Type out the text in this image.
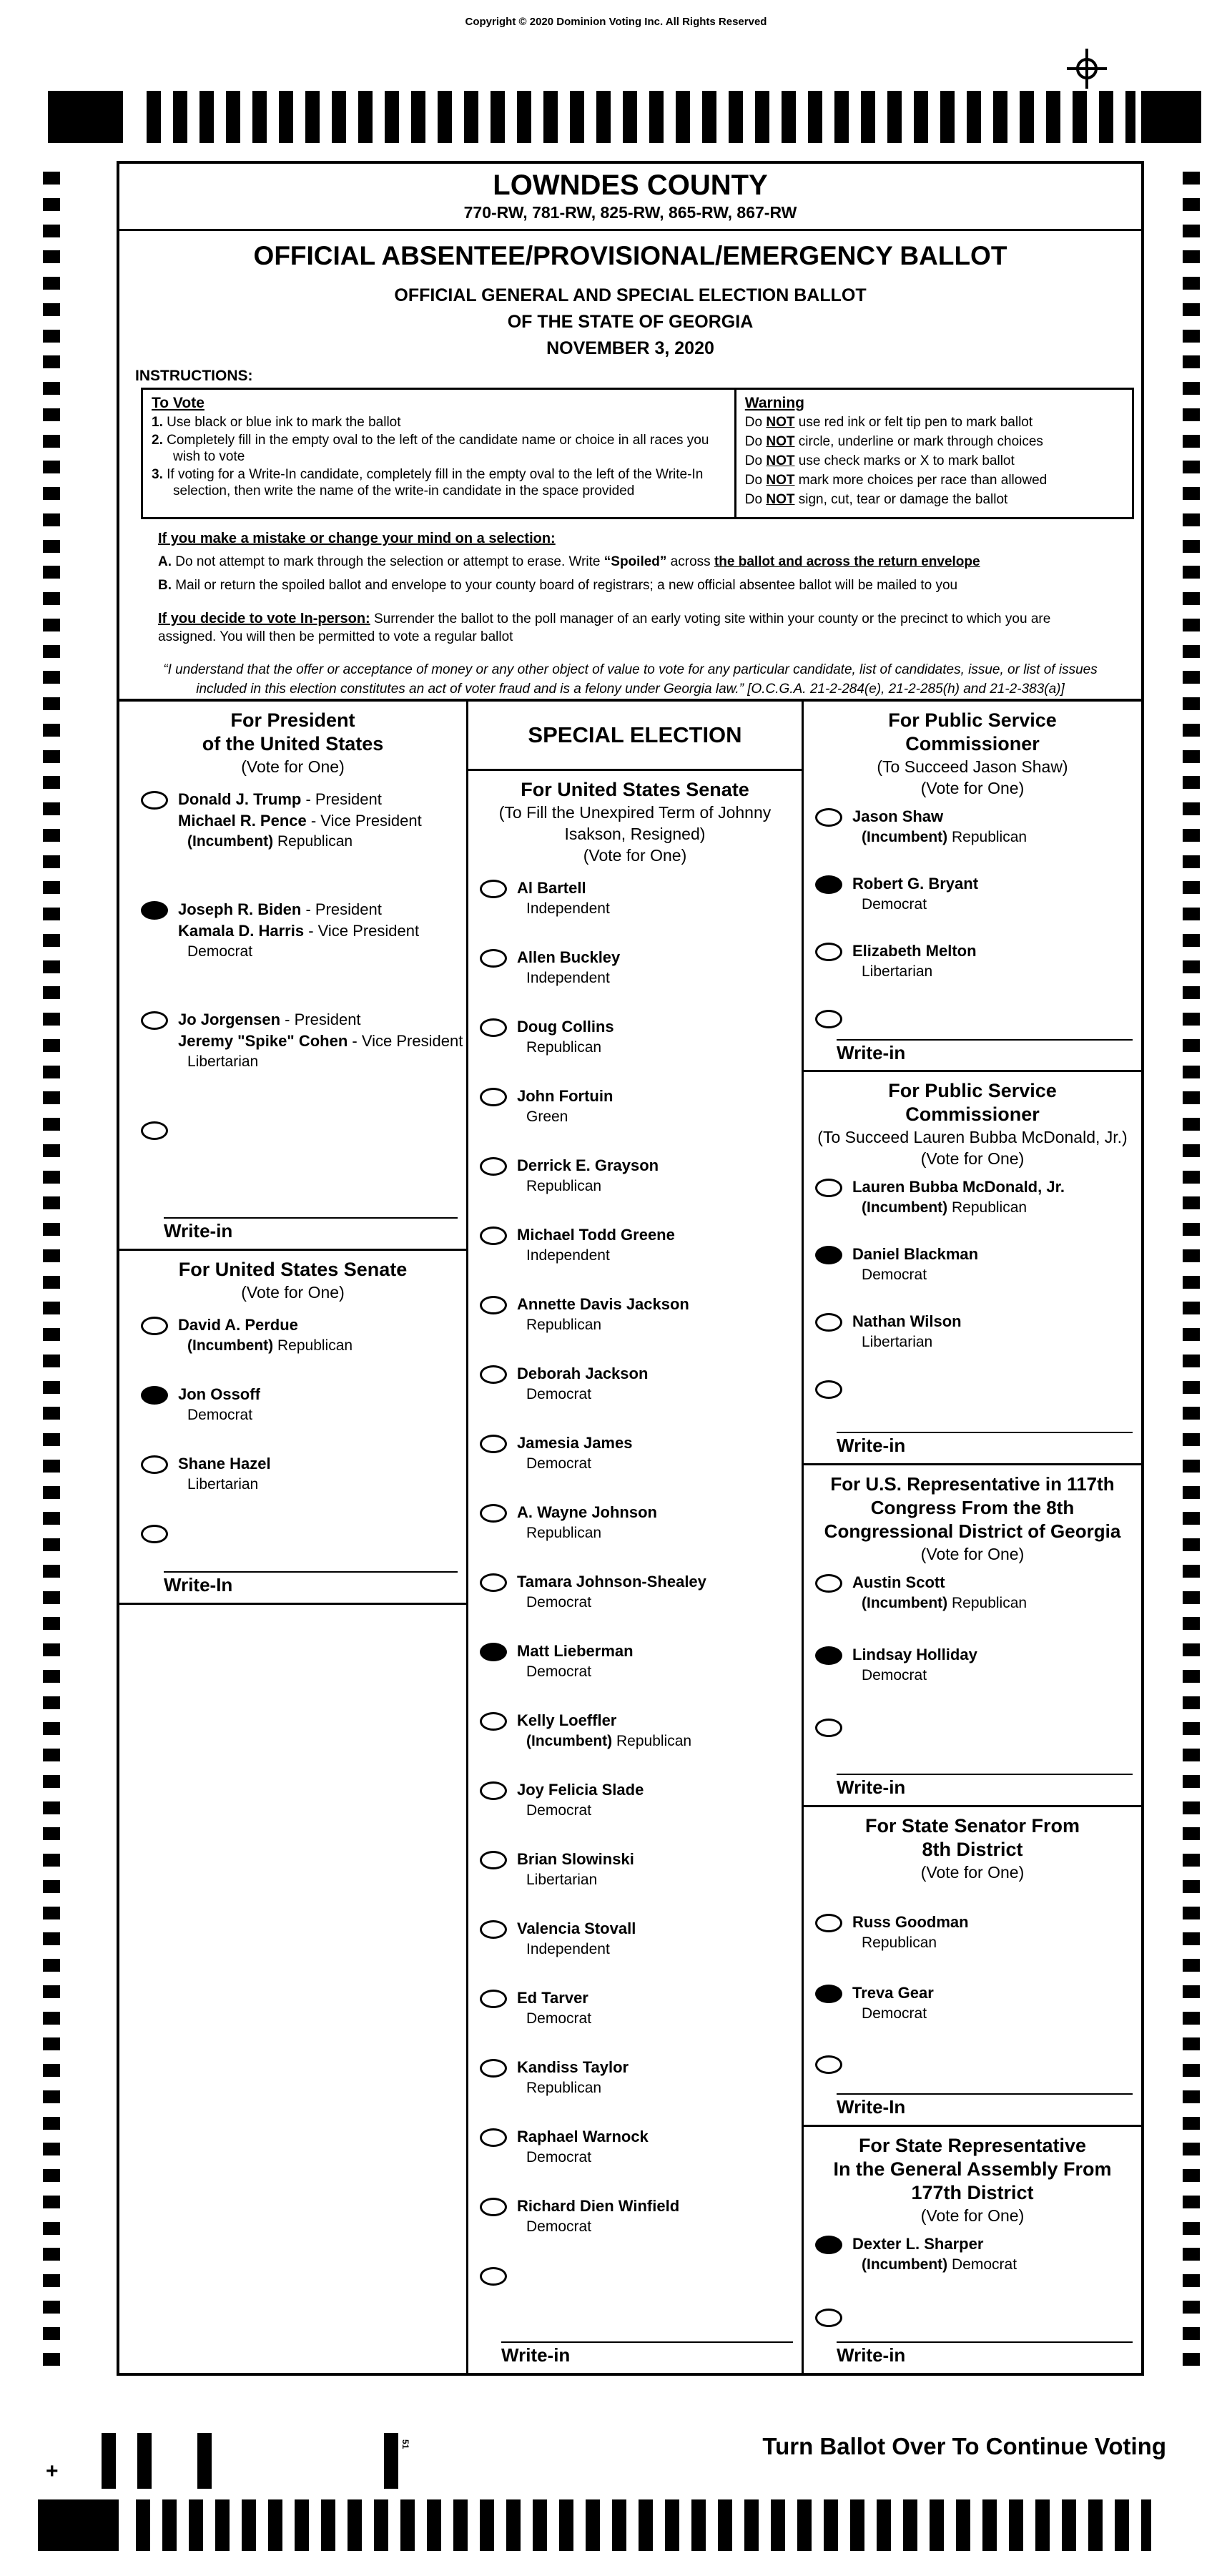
Copyright © 2020 Dominion Voting Inc. All Rights Reserved
LOWNDES COUNTY
770-RW, 781-RW, 825-RW, 865-RW, 867-RW
OFFICIAL ABSENTEE/PROVISIONAL/EMERGENCY BALLOT
OFFICIAL GENERAL AND SPECIAL ELECTION BALLOT
OF THE STATE OF GEORGIA
NOVEMBER 3, 2020
INSTRUCTIONS:
To Vote
1. Use black or blue ink to mark the ballot
2. Completely fill in the empty oval to the left of the candidate name or choice in all races you wish to vote
3. If voting for a Write-In candidate, completely fill in the empty oval to the left of the Write-In selection, then write the name of the write-in candidate in the space provided
Warning
Do NOT use red ink or felt tip pen to mark ballot
Do NOT circle, underline or mark through choices
Do NOT use check marks or X to mark ballot
Do NOT mark more choices per race than allowed
Do NOT sign, cut, tear or damage the ballot
If you make a mistake or change your mind on a selection:
A. Do not attempt to mark through the selection or attempt to erase. Write “Spoiled” across the ballot and across the return envelope
B. Mail or return the spoiled ballot and envelope to your county board of registrars; a new official absentee ballot will be mailed to you
If you decide to vote In-person: Surrender the ballot to the poll manager of an early voting site within your county or the precinct to which you are assigned. You will then be permitted to vote a regular ballot
“I understand that the offer or acceptance of money or any other object of value to vote for any particular candidate, list of candidates, issue, or list of issues included in this election constitutes an act of voter fraud and is a felony under Georgia law.” [O.C.G.A. 21-2-284(e), 21-2-285(h) and 21-2-383(a)]
For President
of the United States
(Vote for One)
Donald J. Trump - President
Michael R. Pence - Vice President
(Incumbent) Republican
Joseph R. Biden - President
Kamala D. Harris - Vice President
Democrat
Jo Jorgensen - President
Jeremy "Spike" Cohen - Vice President
Libertarian
Write-in
For United States Senate
(Vote for One)
David A. Perdue
(Incumbent) Republican
Jon Ossoff
Democrat
Shane Hazel
Libertarian
Write-In
SPECIAL ELECTION
For United States Senate
(To Fill the Unexpired Term of Johnny
Isakson, Resigned)
(Vote for One)
Al Bartell
Independent
Allen Buckley
Independent
Doug Collins
Republican
John Fortuin
Green
Derrick E. Grayson
Republican
Michael Todd Greene
Independent
Annette Davis Jackson
Republican
Deborah Jackson
Democrat
Jamesia James
Democrat
A. Wayne Johnson
Republican
Tamara Johnson-Shealey
Democrat
Matt Lieberman
Democrat
Kelly Loeffler
(Incumbent) Republican
Joy Felicia Slade
Democrat
Brian Slowinski
Libertarian
Valencia Stovall
Independent
Ed Tarver
Democrat
Kandiss Taylor
Republican
Raphael Warnock
Democrat
Richard Dien Winfield
Democrat
Write-in
For Public Service
Commissioner
(To Succeed Jason Shaw)
(Vote for One)
Jason Shaw
(Incumbent) Republican
Robert G. Bryant
Democrat
Elizabeth Melton
Libertarian
Write-in
For Public Service
Commissioner
(To Succeed Lauren Bubba McDonald, Jr.)
(Vote for One)
Lauren Bubba McDonald, Jr.
(Incumbent) Republican
Daniel Blackman
Democrat
Nathan Wilson
Libertarian
Write-in
For U.S. Representative in 117th
Congress From the 8th
Congressional District of Georgia
(Vote for One)
Austin Scott
(Incumbent) Republican
Lindsay Holliday
Democrat
Write-in
For State Senator From
8th District
(Vote for One)
Russ Goodman
Republican
Treva Gear
Democrat
Write-In
For State Representative
In the General Assembly From
177th District
(Vote for One)
Dexter L. Sharper
(Incumbent) Democrat
Write-in
+
51	Turn Ballot Over To Continue Voting
